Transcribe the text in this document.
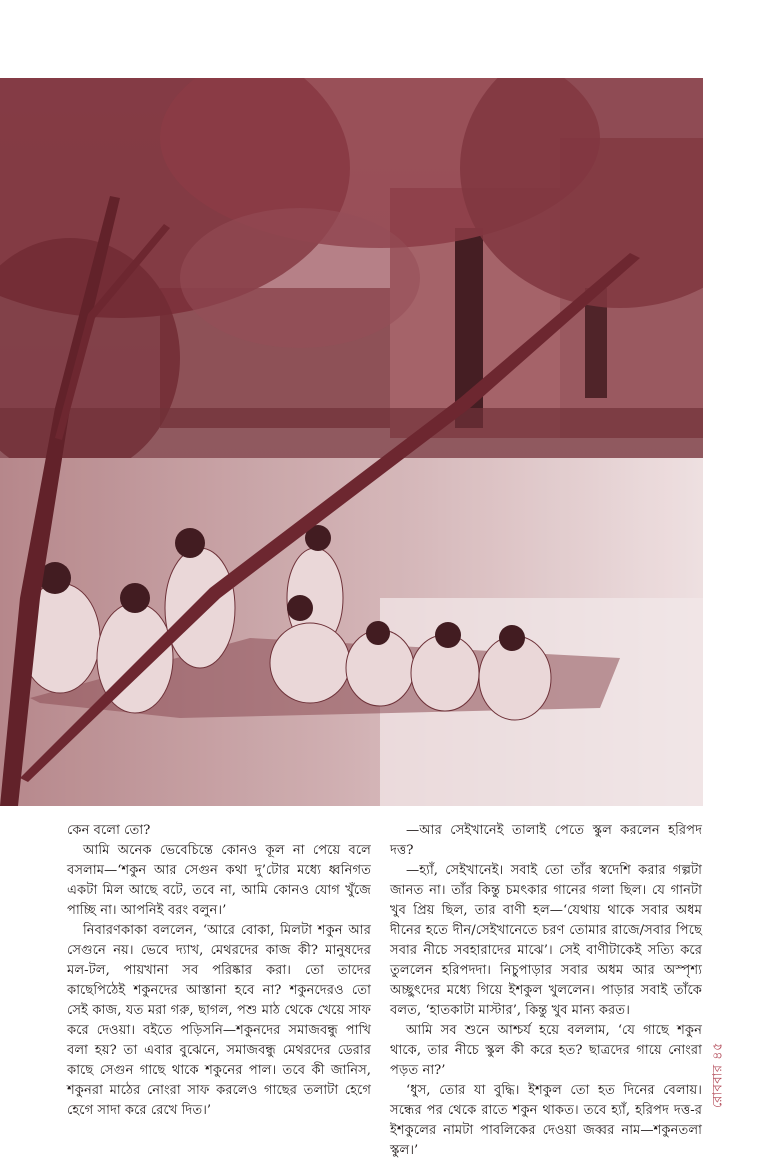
কেন বলো তো?

আমি অনেক ভেবেচিন্তে কোনও কূল না পেয়ে বলে বসলাম—‘শকুন আর সেগুন কথা দু’টোর মধ্যে ধ্বনিগত একটা মিল আছে বটে, তবে না, আমি কোনও যোগ খুঁজে পাচ্ছি না। আপনিই বরং বলুন।’

নিবারণকাকা বললেন, ‘আরে বোকা, মিলটা শকুন আর সেগুনে নয়। ভেবে দ্যাখ, মেথরদের কাজ কী? মানুষদের মল-টল, পায়খানা সব পরিষ্কার করা। তো তাদের কাছেপিঠেই শকুনদের আস্তানা হবে না? শকুনদেরও তো সেই কাজ, যত মরা গরু, ছাগল, পশু মাঠ থেকে খেয়ে সাফ করে দেওয়া। বইতে পড়িসনি—শকুনদের সমাজবন্ধু পাখি বলা হয়? তা এবার বুঝেনে, সমাজবন্ধু মেথরদের ডেরার কাছে সেগুন গাছে থাকে শকুনের পাল। তবে কী জানিস, শকুনরা মাঠের নোংরা সাফ করলেও গাছের তলাটা হেগে হেগে সাদা করে রেখে দিত।’

—আর সেইখানেই তালাই পেতে স্কুল করলেন হরিপদ দত্ত?

—হ্যাঁ, সেইখানেই। সবাই তো তাঁর স্বদেশি করার গল্পটা জানত না। তাঁর কিন্তু চমৎকার গানের গলা ছিল। যে গানটা খুব প্রিয় ছিল, তার বাণী হল—‘যেথায় থাকে সবার অধম দীনের হতে দীন/সেইখানেতে চরণ তোমার রাজে/সবার পিছে সবার নীচে সবহারাদের মাঝে’। সেই বাণীটাকেই সত্যি করে তুললেন হরিপদদা। নিচুপাড়ার সবার অধম আর অস্পৃশ্য অচ্ছুৎদের মধ্যে গিয়ে ইশকুল খুললেন। পাড়ার সবাই তাঁকে বলত, ‘হাতকাটা মাস্টার’, কিন্তু খুব মান্য করত।

আমি সব শুনে আশ্চর্য হয়ে বললাম, ‘যে গাছে শকুন থাকে, তার নীচে স্কুল কী করে হত? ছাত্রদের গায়ে নোংরা পড়ত না?’

‘ধুস, তোর যা বুদ্ধি। ইশকুল তো হত দিনের বেলায়। সন্ধের পর থেকে রাতে শকুন থাকত। তবে হ্যাঁ, হরিপদ দত্ত-র ইশকুলের নামটা পাবলিকের দেওয়া জব্বর নাম—শকুনতলা স্কুল।’

রোববার ৪৫
